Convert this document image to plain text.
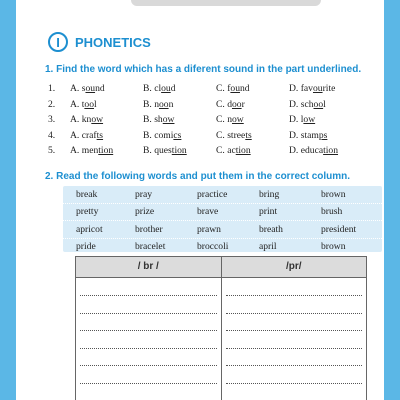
I	PHONETICS
1. Find the word which has a diferent sound in the part underlined.
1.	A. sound	B. cloud	C. found	D. favourite
2.	A. tool	B. noon	C. door	D. school
3.	A. know	B. show	C. now	D. low
4.	A. crafts	B. comics	C. streets	D. stamps
5.	A. mention	B. question	C. action	D. education
2. Read the following words and put them in the correct column.
break	pray	practice	bring	brown
pretty	prize	brave	print	brush
apricot	brother	prawn	breath	president
pride	bracelet	broccoli	april	brown
/ br /	/pr/
